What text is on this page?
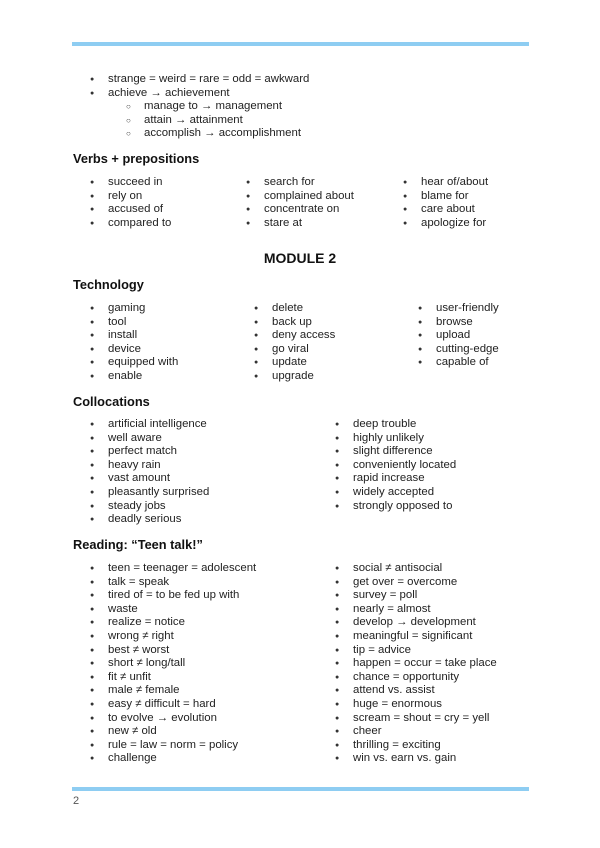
● strange = weird = rare = odd = awkward
● achieve → achievement
○ manage to → management
○ attain → attainment
○ accomplish → accomplishment
Verbs + prepositions
● succeed in
● rely on
● accused of
● compared to
● search for
● complained about
● concentrate on
● stare at
● hear of/about
● blame for
● care about
● apologize for
MODULE 2
Technology
● gaming
● tool
● install
● device
● equipped with
● enable
● delete
● back up
● deny access
● go viral
● update
● upgrade
● user-friendly
● browse
● upload
● cutting-edge
● capable of
Collocations
● artificial intelligence
● well aware
● perfect match
● heavy rain
● vast amount
● pleasantly surprised
● steady jobs
● deadly serious
● deep trouble
● highly unlikely
● slight difference
● conveniently located
● rapid increase
● widely accepted
● strongly opposed to
Reading: “Teen talk!”
● teen = teenager = adolescent
● talk = speak
● tired of = to be fed up with
● waste
● realize = notice
● wrong ≠ right
● best ≠ worst
● short ≠ long/tall
● fit ≠ unfit
● male ≠ female
● easy ≠ difficult = hard
● to evolve → evolution
● new ≠ old
● rule = law = norm = policy
● challenge
● social ≠ antisocial
● get over = overcome
● survey = poll
● nearly = almost
● develop → development
● meaningful = significant
● tip = advice
● happen = occur = take place
● chance = opportunity
● attend vs. assist
● huge = enormous
● scream = shout = cry = yell
● cheer
● thrilling = exciting
● win vs. earn vs. gain
2
